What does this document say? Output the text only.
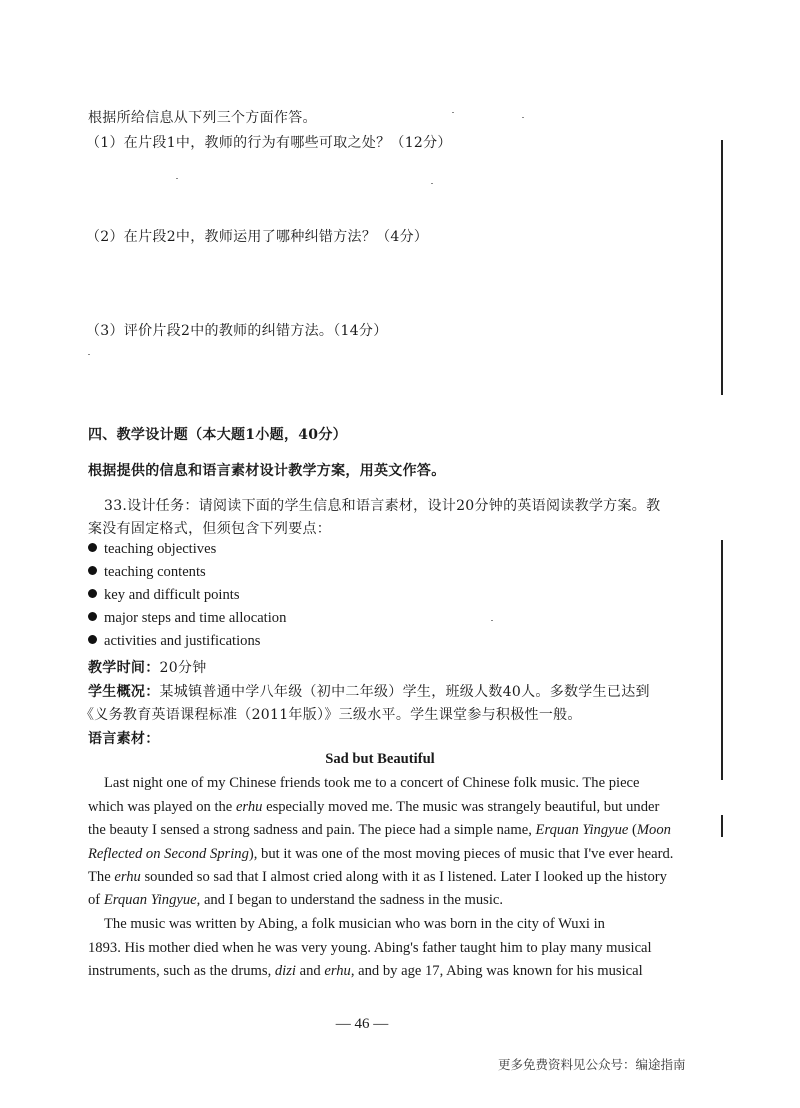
根据所给信息从下列三个方面作答。
（1）在片段1中，教师的行为有哪些可取之处？（12分）
（2）在片段2中，教师运用了哪种纠错方法？（4分）
（3）评价片段2中的教师的纠错方法。（14分）
四、教学设计题（本大题1小题，40分）
根据提供的信息和语言素材设计教学方案，用英文作答。
33.设计任务：请阅读下面的学生信息和语言素材，设计20分钟的英语阅读教学方案。教
案没有固定格式，但须包含下列要点：
teaching objectives
teaching contents
key and difficult points
major steps and time allocation
activities and justifications
教学时间：20分钟
学生概况：某城镇普通中学八年级（初中二年级）学生，班级人数40人。多数学生已达到
《义务教育英语课程标准（2011年版）》三级水平。学生课堂参与积极性一般。
语言素材：
Sad but Beautiful
Last night one of my Chinese friends took me to a concert of Chinese folk music. The piece
which was played on the erhu especially moved me. The music was strangely beautiful, but under
the beauty I sensed a strong sadness and pain. The piece had a simple name, Erquan Yingyue (Moon
Reflected on Second Spring), but it was one of the most moving pieces of music that I've ever heard.
The erhu sounded so sad that I almost cried along with it as I listened. Later I looked up the history
of Erquan Yingyue, and I began to understand the sadness in the music.
The music was written by Abing, a folk musician who was born in the city of Wuxi in
1893. His mother died when he was very young. Abing's father taught him to play many musical
instruments, such as the drums, dizi and erhu, and by age 17, Abing was known for his musical
— 46 —
更多免费资料见公众号：编途指南
